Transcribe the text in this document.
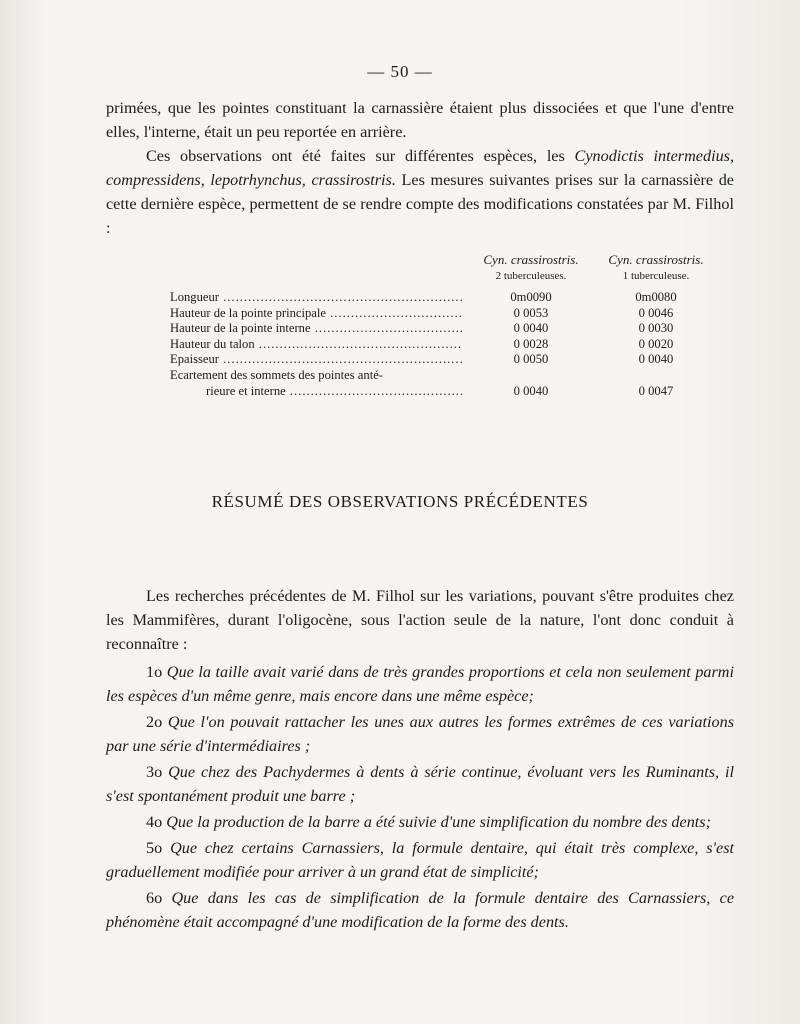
— 50 —

primées, que les pointes constituant la carnassière étaient plus dissociées et que l'une d'entre elles, l'interne, était un peu reportée en arrière.

Ces observations ont été faites sur différentes espèces, les Cynodictis intermedius, compressidens, lepotrhynchus, crassirostris. Les mesures suivantes prises sur la carnassière de cette dernière espèce, permettent de se rendre compte des modifications constatées par M. Filhol :

Cyn. crassirostris.
2 tuberculeuses.
Cyn. crassirostris.
1 tuberculeuse.
Longueur .....	0m0090	0m0080
Hauteur de la pointe principale .....	0 0053	0 0046
Hauteur de la pointe interne .....	0 0040	0 0030
Hauteur du talon .....	0 0028	0 0020
Epaisseur .....	0 0050	0 0040
Ecartement des sommets des pointes anté-
rieure et interne .....	0 0040	0 0047
RÉSUMÉ DES OBSERVATIONS PRÉCÉDENTES

Les recherches précédentes de M. Filhol sur les variations, pouvant s'être produites chez les Mammifères, durant l'oligocène, sous l'action seule de la nature, l'ont donc conduit à reconnaître :

1o Que la taille avait varié dans de très grandes proportions et cela non seulement parmi les espèces d'un même genre, mais encore dans une même espèce;

2o Que l'on pouvait rattacher les unes aux autres les formes extrêmes de ces variations par une série d'intermédiaires ;

3o Que chez des Pachydermes à dents à série continue, évoluant vers les Ruminants, il s'est spontanément produit une barre ;

4o Que la production de la barre a été suivie d'une simplification du nombre des dents;

5o Que chez certains Carnassiers, la formule dentaire, qui était très complexe, s'est graduellement modifiée pour arriver à un grand état de simplicité;

6o Que dans les cas de simplification de la formule dentaire des Carnassiers, ce phénomène était accompagné d'une modification de la forme des dents.
